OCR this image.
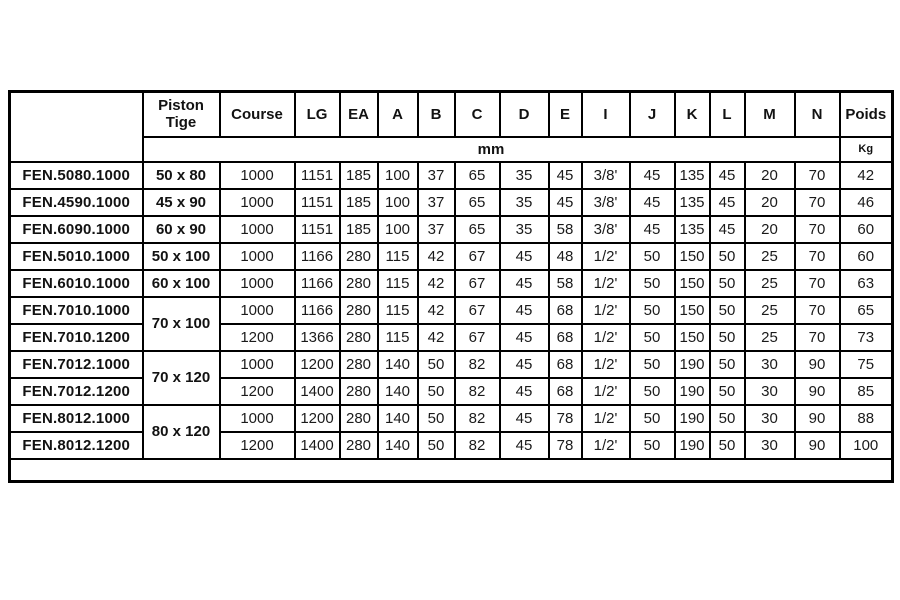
	Piston
Tige	Course	LG	EA	A	B	C	D	E	I	J	K	L	M	N	Poids
	mm															Kg
FEN.5080.1000	50 x 80	1000	1151	185	100	37	65	35	45	3/8'	45	135	45	20	70	42
FEN.4590.1000	45 x 90	1000	1151	185	100	37	65	35	45	3/8'	45	135	45	20	70	46
FEN.6090.1000	60 x 90	1000	1151	185	100	37	65	35	58	3/8'	45	135	45	20	70	60
FEN.5010.1000	50 x 100	1000	1166	280	115	42	67	45	48	1/2'	50	150	50	25	70	60
FEN.6010.1000	60 x 100	1000	1166	280	115	42	67	45	58	1/2'	50	150	50	25	70	63
FEN.7010.1000	70 x 100	1000	1166	280	115	42	67	45	68	1/2'	50	150	50	25	70	65
FEN.7010.1200		1200	1366	280	115	42	67	45	68	1/2'	50	150	50	25	70	73
FEN.7012.1000	70 x 120	1000	1200	280	140	50	82	45	68	1/2'	50	190	50	30	90	75
FEN.7012.1200		1200	1400	280	140	50	82	45	68	1/2'	50	190	50	30	90	85
FEN.8012.1000	80 x 120	1000	1200	280	140	50	82	45	78	1/2'	50	190	50	30	90	88
FEN.8012.1200		1200	1400	280	140	50	82	45	78	1/2'	50	190	50	30	90	100
